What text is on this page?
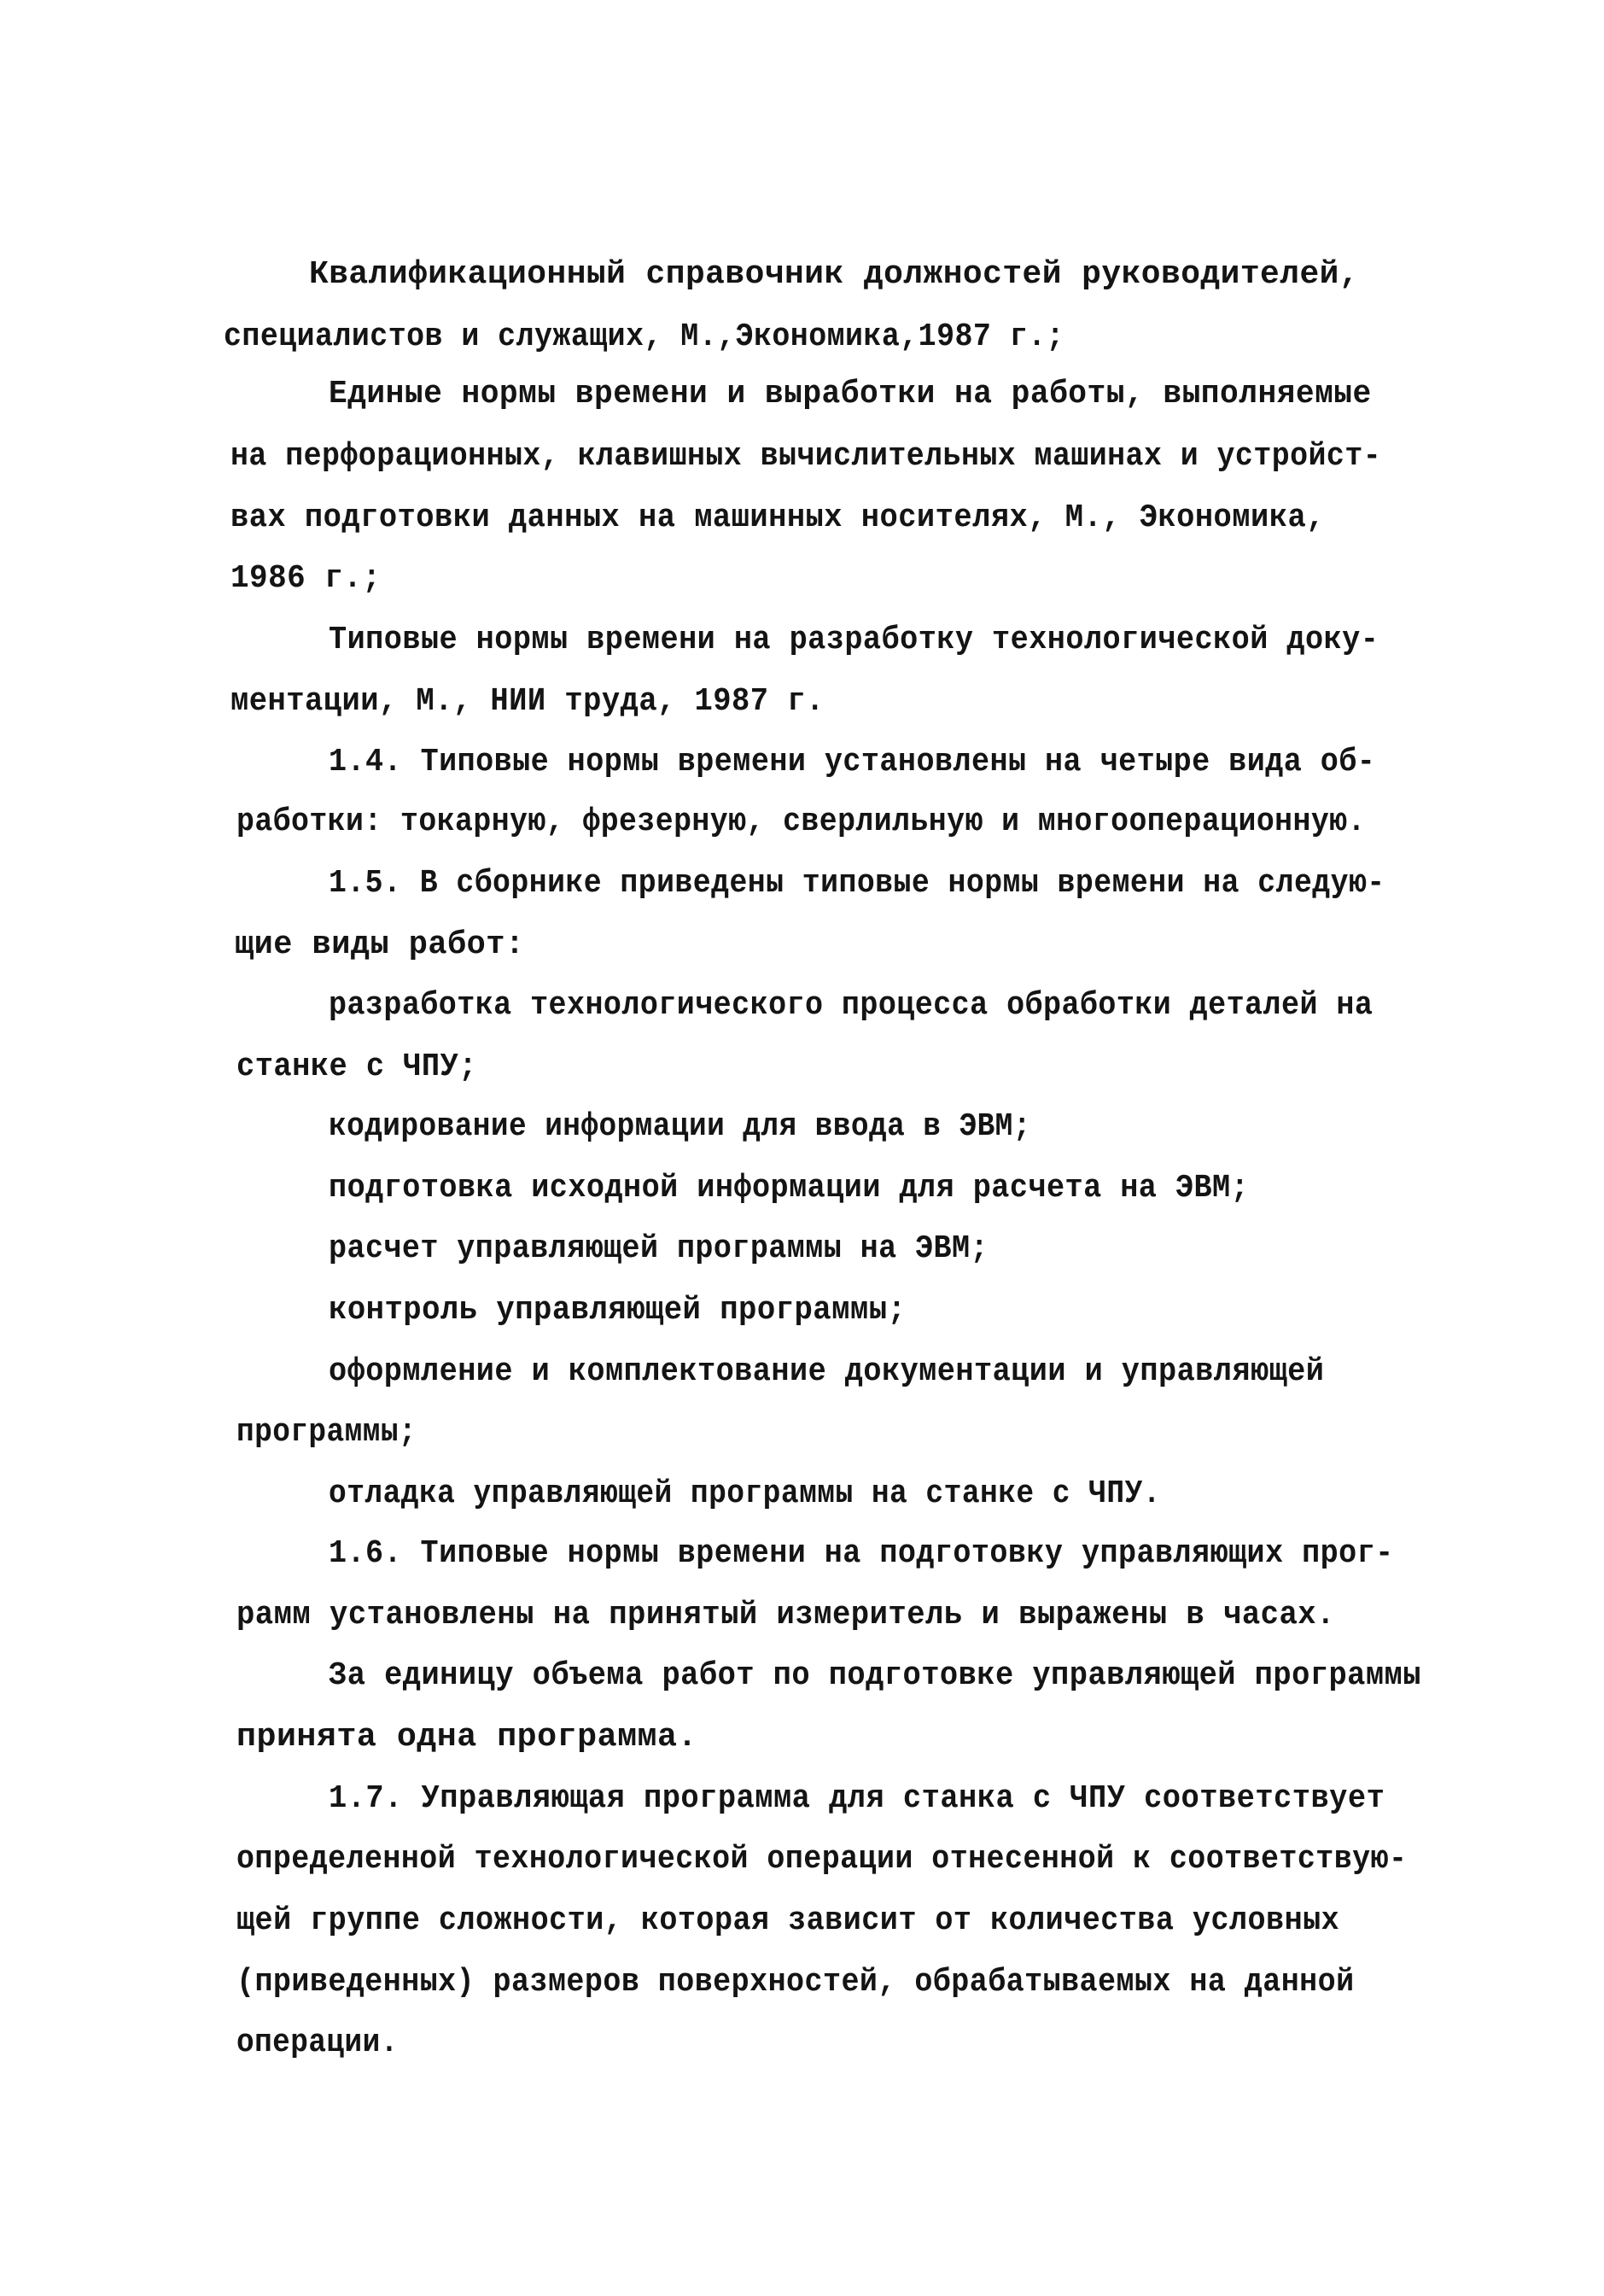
Квалификационный справочник должностей руководителей,
специалистов и служащих, М.,Экономика,1987 г.;
Единые нормы времени и выработки на работы, выполняемые
на перфорационных, клавишных вычислительных машинах и устройст-
вах подготовки данных на машинных носителях, М., Экономика,
1986 г.;
Типовые нормы времени на разработку технологической доку-
ментации, М., НИИ труда, 1987 г.
1.4. Типовые нормы времени установлены на четыре вида об-
работки: токарную, фрезерную, сверлильную и многооперационную.
1.5. В сборнике приведены типовые нормы времени на следую-
щие виды работ:
разработка технологического процесса обработки деталей на
станке с ЧПУ;
кодирование информации для ввода в ЭВМ;
подготовка исходной информации для расчета на ЭВМ;
расчет управляющей программы на ЭВМ;
контроль управляющей программы;
оформление и комплектование документации и управляющей
программы;
отладка управляющей программы на станке с ЧПУ.
1.6. Типовые нормы времени на подготовку управляющих прог-
рамм установлены на принятый измеритель и выражены в часах.
За единицу объема работ по подготовке управляющей программы
принята одна программа.
1.7. Управляющая программа для станка с ЧПУ соответствует
определенной технологической операции отнесенной к соответствую-
щей группе сложности, которая зависит от количества условных
(приведенных) размеров поверхностей, обрабатываемых на данной
операции.
